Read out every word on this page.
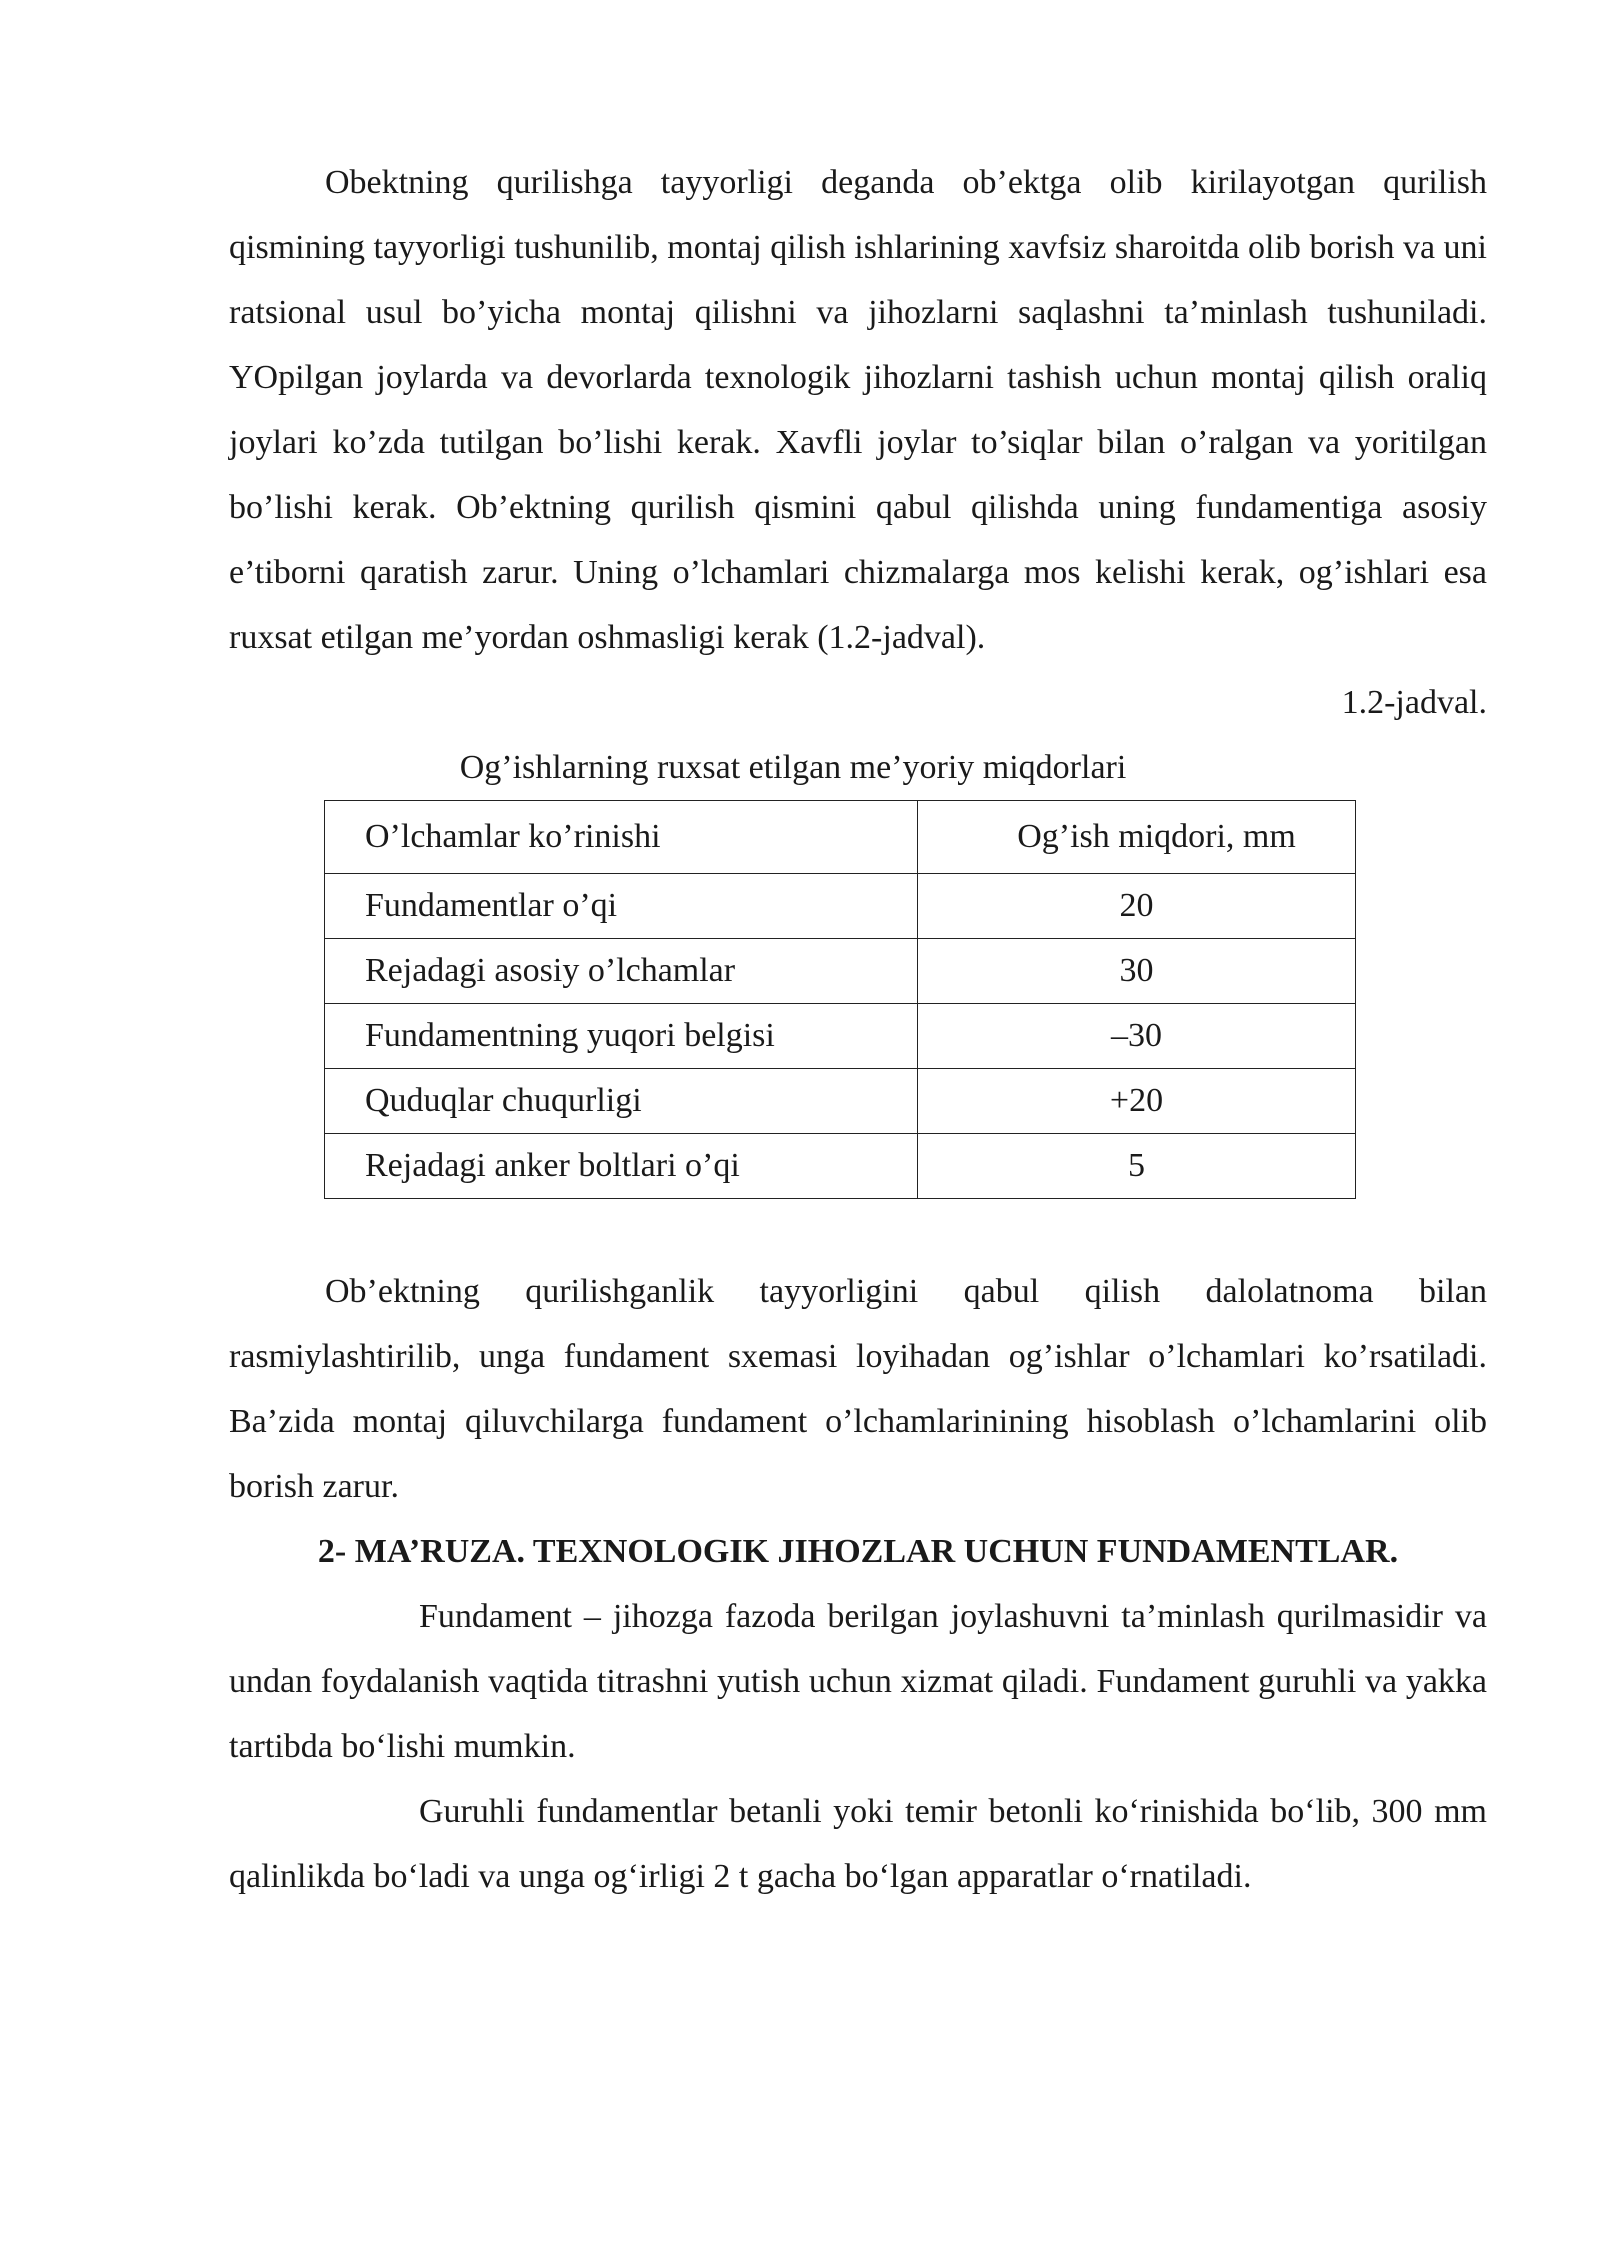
Obektning qurilishga tayyorligi deganda ob’ektga olib kirilayotgan qurilish qismining tayyorligi tushunilib, montaj qilish ishlarining xavfsiz sharoitda olib borish va uni ratsional usul bo’yicha montaj qilishni va jihozlarni saqlashni ta’minlash tushuniladi. YOpilgan joylarda va devorlarda texnologik jihozlarni tashish uchun montaj qilish oraliq joylari ko’zda tutilgan bo’lishi kerak. Xavfli joylar to’siqlar bilan o’ralgan va yoritilgan bo’lishi kerak. Ob’ektning qurilish qismini qabul qilishda uning fundamentiga asosiy e’tiborni qaratish zarur. Uning o’lchamlari chizmalarga mos kelishi kerak, og’ishlari esa ruxsat etilgan me’yordan oshmasligi kerak (1.2-jadval).

1.2-jadval.
Og’ishlarning ruxsat etilgan me’yoriy miqdorlari
O’lchamlar ko’rinishi	Og’ish miqdori, mm
Fundamentlar o’qi	20
Rejadagi asosiy o’lchamlar	30
Fundamentning yuqori belgisi	–30
Quduqlar chuqurligi	+20
Rejadagi anker boltlari o’qi	5

Ob’ektning qurilishganlik tayyorligini qabul qilish dalolatnoma bilan rasmiylashtirilib, unga fundament sxemasi loyihadan og’ishlar o’lchamlari ko’rsatiladi. Ba’zida montaj qiluvchilarga fundament o’lchamlarinining hisoblash o’lchamlarini olib borish zarur.

2- MA’RUZA. TEXNOLOGIK JIHOZLAR UCHUN FUNDAMENTLAR.

Fundament – jihozga fazoda berilgan joylashuvni ta’minlash qurilmasidir va undan foydalanish vaqtida titrashni yutish uchun xizmat qiladi. Fundament guruhli va yakka tartibda bo‘lishi mumkin.

Guruhli fundamentlar betanli yoki temir betonli ko‘rinishida bo‘lib, 300 mm qalinlikda bo‘ladi va unga og‘irligi 2 t gacha bo‘lgan apparatlar o‘rnatiladi.
